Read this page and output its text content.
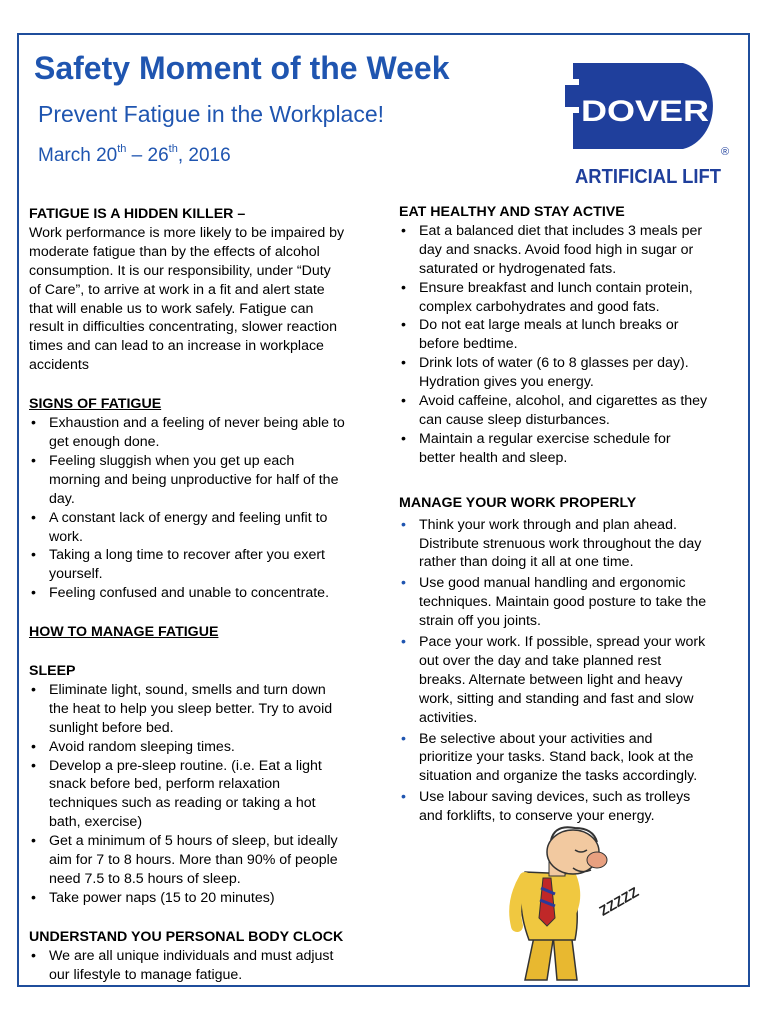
Safety Moment of the Week
Prevent Fatigue in the Workplace!
March 20th – 26th, 2016
DOVER
®
ARTIFICIAL LIFT
FATIGUE IS A HIDDEN KILLER –
Work performance is more likely to be impaired by
moderate fatigue than by the effects of alcohol
consumption. It is our responsibility, under “Duty
of Care”, to arrive at work in a fit and alert state
that will enable us to work safely. Fatigue can
result in difficulties concentrating, slower reaction
times and can lead to an increase in workplace
accidents
SIGNS OF FATIGUE
• Exhaustion and a feeling of never being able to
get enough done.
• Feeling sluggish when you get up each
morning and being unproductive for half of the
day.
• A constant lack of energy and feeling unfit to
work.
• Taking a long time to recover after you exert
yourself.
• Feeling confused and unable to concentrate.
HOW TO MANAGE FATIGUE
SLEEP
• Eliminate light, sound, smells and turn down
the heat to help you sleep better. Try to avoid
sunlight before bed.
• Avoid random sleeping times.
• Develop a pre-sleep routine. (i.e. Eat a light
snack before bed, perform relaxation
techniques such as reading or taking a hot
bath, exercise)
• Get a minimum of 5 hours of sleep, but ideally
aim for 7 to 8 hours. More than 90% of people
need 7.5 to 8.5 hours of sleep.
• Take power naps (15 to 20 minutes)
UNDERSTAND YOU PERSONAL BODY CLOCK
• We are all unique individuals and must adjust
our lifestyle to manage fatigue.
EAT HEALTHY AND STAY ACTIVE
• Eat a balanced diet that includes 3 meals per
day and snacks. Avoid food high in sugar or
saturated or hydrogenated fats.
• Ensure breakfast and lunch contain protein,
complex carbohydrates and good fats.
• Do not eat large meals at lunch breaks or
before bedtime.
• Drink lots of water (6 to 8 glasses per day).
Hydration gives you energy.
• Avoid caffeine, alcohol, and cigarettes as they
can cause sleep disturbances.
• Maintain a regular exercise schedule for
better health and sleep.
MANAGE YOUR WORK PROPERLY
• Think your work through and plan ahead.
Distribute strenuous work throughout the day
rather than doing it all at one time.
• Use good manual handling and ergonomic
techniques. Maintain good posture to take the
strain off you joints.
• Pace your work. If possible, spread your work
out over the day and take planned rest
breaks. Alternate between light and heavy
work, sitting and standing and fast and slow
activities.
• Be selective about your activities and
prioritize your tasks. Stand back, look at the
situation and organize the tasks accordingly.
• Use labour saving devices, such as trolleys
and forklifts, to conserve your energy.
ZZZZZ
